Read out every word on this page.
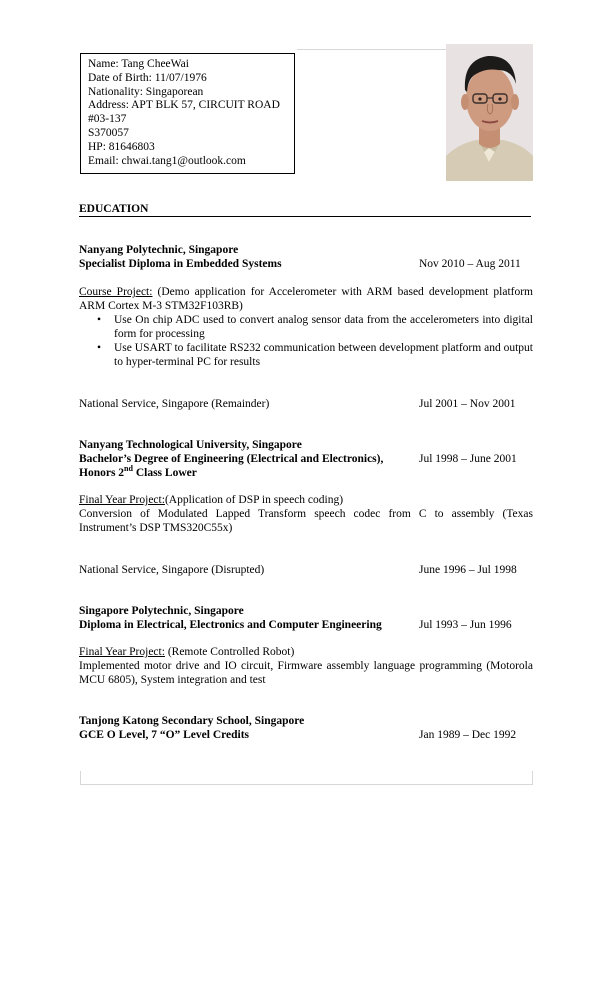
Name: Tang CheeWai
Date of Birth: 11/07/1976
Nationality: Singaporean
Address: APT BLK 57, CIRCUIT ROAD
#03-137
S370057
HP: 81646803
Email: chwai.tang1@outlook.com
EDUCATION
Nanyang Polytechnic, Singapore
Specialist Diploma in Embedded Systems	Nov 2010 – Aug 2011
Course Project: (Demo application for Accelerometer with ARM based development platform ARM Cortex M-3 STM32F103RB)
• Use On chip ADC used to convert analog sensor data from the accelerometers into digital form for processing
• Use USART to facilitate RS232 communication between development platform and output to hyper-terminal PC for results
National Service, Singapore (Remainder)	Jul 2001 – Nov 2001
Nanyang Technological University, Singapore
Bachelor’s Degree of Engineering (Electrical and Electronics),	Jul 1998 – June 2001
Honors 2nd Class Lower
Final Year Project:(Application of DSP in speech coding)
Conversion of Modulated Lapped Transform speech codec from C to assembly (Texas Instrument’s DSP TMS320C55x)
National Service, Singapore (Disrupted)	June 1996 – Jul 1998
Singapore Polytechnic, Singapore
Diploma in Electrical, Electronics and Computer Engineering	Jul 1993 – Jun 1996
Final Year Project: (Remote Controlled Robot)
Implemented motor drive and IO circuit, Firmware assembly language programming (Motorola MCU 6805), System integration and test
Tanjong Katong Secondary School, Singapore
GCE O Level, 7 “O” Level Credits	Jan 1989 – Dec 1992
